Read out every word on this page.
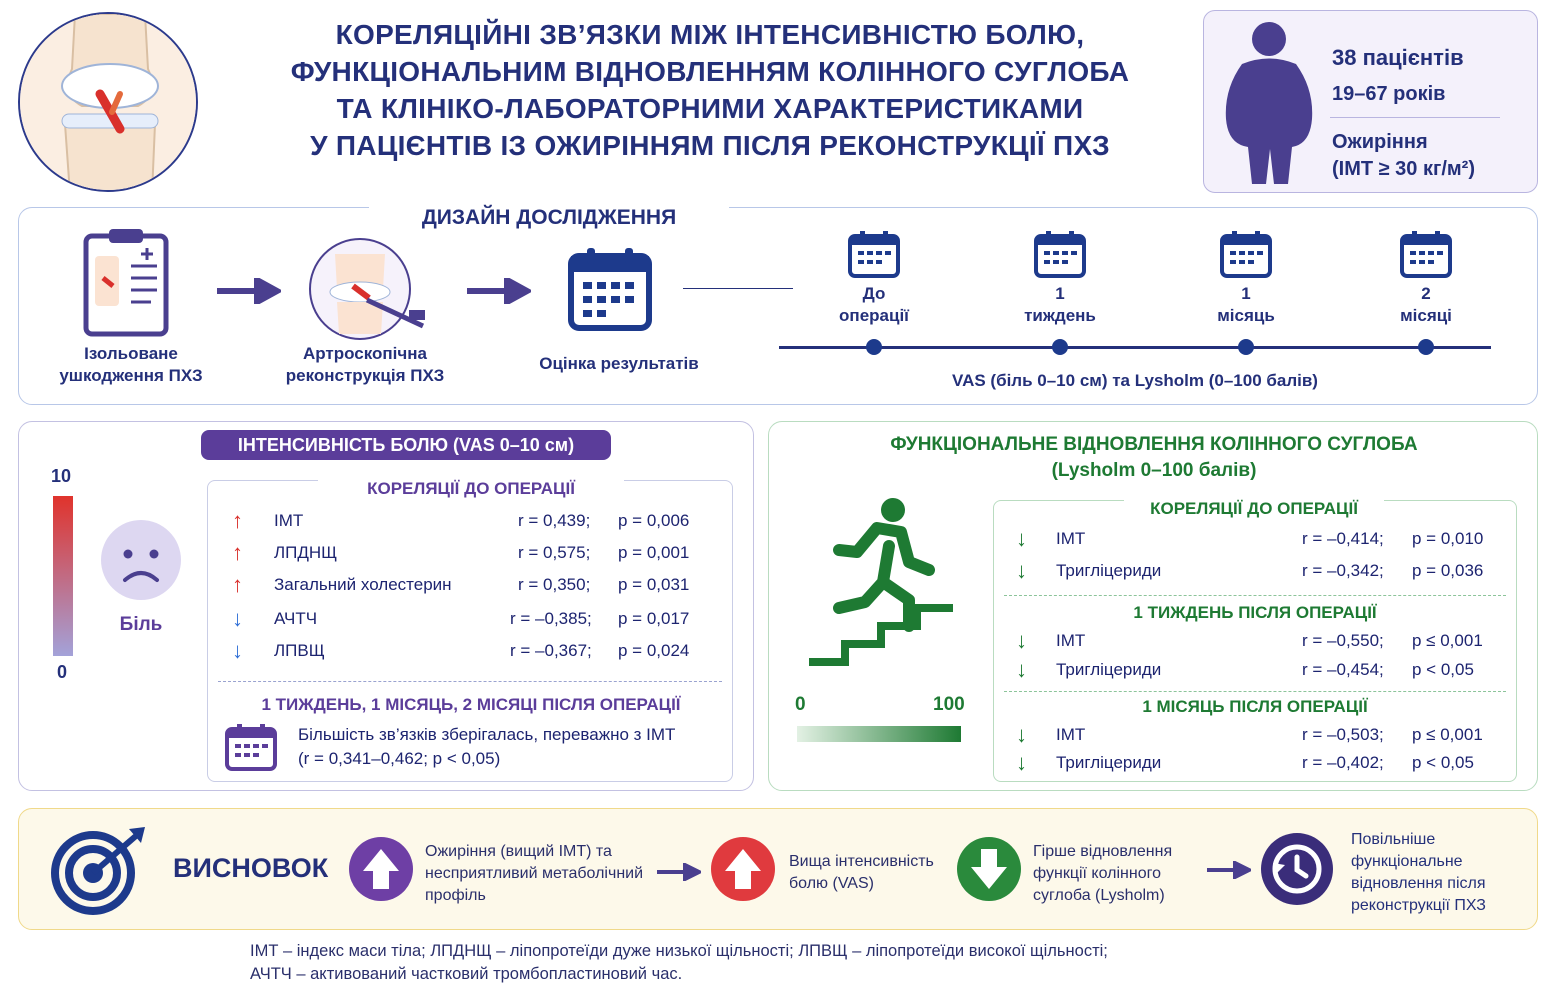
КОРЕЛЯЦІЙНІ ЗВ’ЯЗКИ МІЖ ІНТЕНСИВНІСТЮ БОЛЮ,
ФУНКЦІОНАЛЬНИМ ВІДНОВЛЕННЯМ КОЛІННОГО СУГЛОБА
ТА КЛІНІКО-ЛАБОРАТОРНИМИ ХАРАКТЕРИСТИКАМИ
У ПАЦІЄНТІВ ІЗ ОЖИРІННЯМ ПІСЛЯ РЕКОНСТРУКЦІЇ ПХЗ
38 пацієнтів
19–67 років
Ожиріння
(ІМТ ≥ 30 кг/м²)
ДИЗАЙН ДОСЛІДЖЕННЯ
Ізольоване
ушкодження ПХЗ
Артроскопічна
реконструкція ПХЗ
Оцінка результатів
До
операції
1
тиждень
1
місяць
2
місяці
VAS (біль 0–10 см) та Lysholm (0–100 балів)
ІНТЕНСИВНІСТЬ БОЛЮ (VAS 0–10 см)
10
0
Біль
КОРЕЛЯЦІЇ ДО ОПЕРАЦІЇ
↑ ІМТ	r = 0,439; p = 0,006
↑ ЛПДНЩ	r = 0,575; p = 0,001
↑ Загальний холестерин	r = 0,350; p = 0,031
↓ АЧТЧ	r = –0,385; p = 0,017
↓ ЛПВЩ	r = –0,367; p = 0,024
1 ТИЖДЕНЬ, 1 МІСЯЦЬ, 2 МІСЯЦІ ПІСЛЯ ОПЕРАЦІЇ
Більшість зв’язків зберігалась, переважно з ІМТ
(r = 0,341–0,462; p < 0,05)
ФУНКЦІОНАЛЬНЕ ВІДНОВЛЕННЯ КОЛІННОГО СУГЛОБА
(Lysholm 0–100 балів)
0	100
КОРЕЛЯЦІЇ ДО ОПЕРАЦІЇ
↓ ІМТ	r = –0,414; p = 0,010
↓ Тригліцериди	r = –0,342; p = 0,036
1 ТИЖДЕНЬ ПІСЛЯ ОПЕРАЦІЇ
↓ ІМТ	r = –0,550; p ≤ 0,001
↓ Тригліцериди	r = –0,454; p < 0,05
1 МІСЯЦЬ ПІСЛЯ ОПЕРАЦІЇ
↓ ІМТ	r = –0,503; p ≤ 0,001
↓ Тригліцериди	r = –0,402; p < 0,05
ВИСНОВОК
Ожиріння (вищий ІМТ) та
несприятливий метаболічний
профіль
Вища інтенсивність
болю (VAS)
Гірше відновлення
функції колінного
суглоба (Lysholm)
Повільніше
функціональне
відновлення після
реконструкції ПХЗ
ІМТ – індекс маси тіла; ЛПДНЩ – ліпопротеїди дуже низької щільності; ЛПВЩ – ліпопротеїди високої щільності;
АЧТЧ – активований частковий тромбопластиновий час.
